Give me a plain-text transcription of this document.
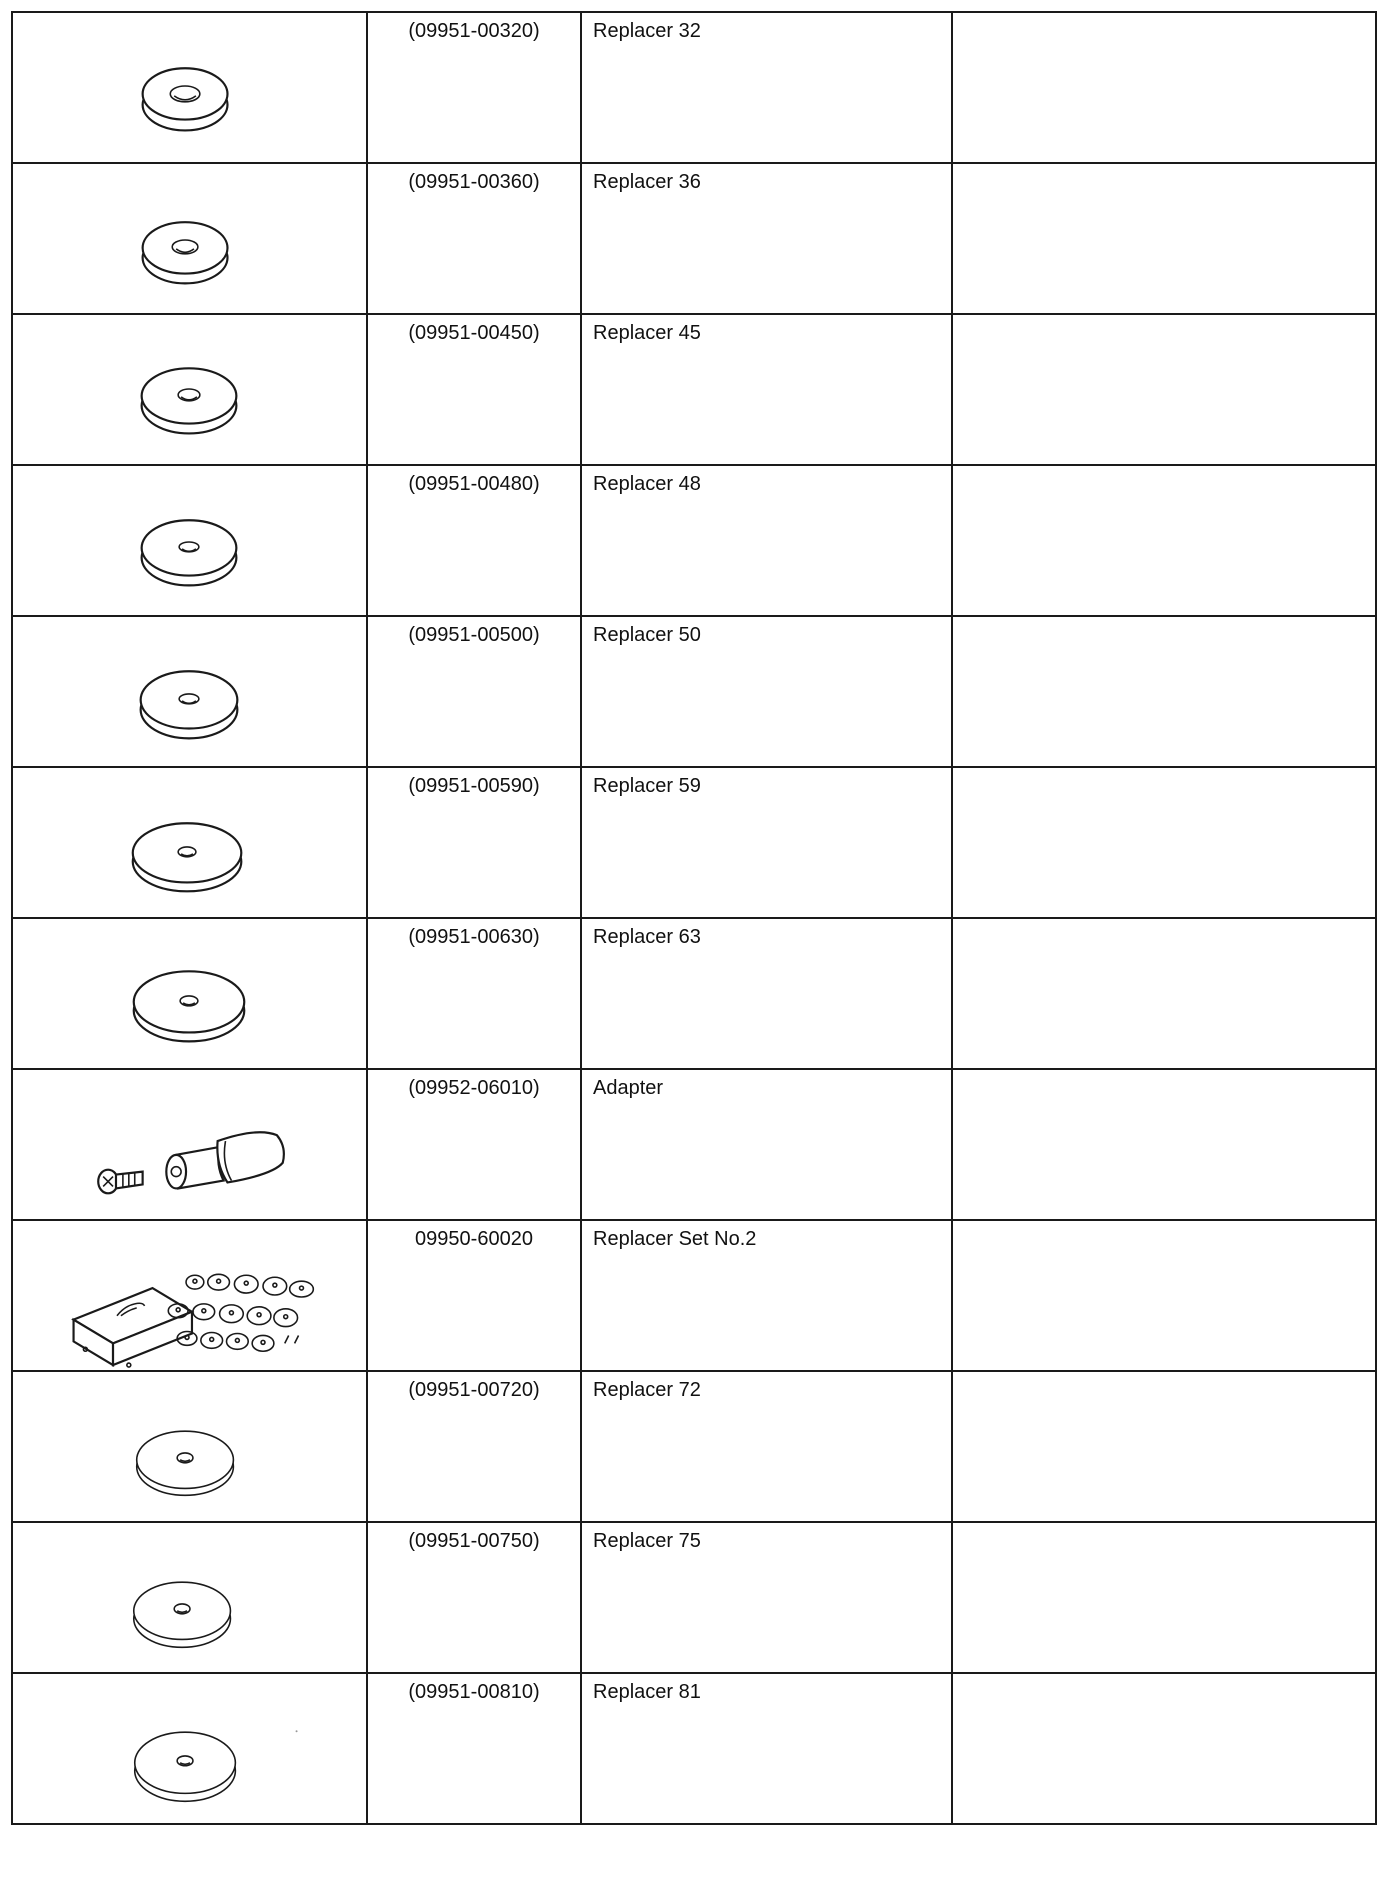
(09951-00320)	Replacer 32	

(09951-00360)	Replacer 36	

(09951-00450)	Replacer 45	

(09951-00480)	Replacer 48	

(09951-00500)	Replacer 50	

(09951-00590)	Replacer 59	

(09951-00630)	Replacer 63	

(09952-06010)	Adapter	

09950-60020	Replacer Set No.2	

(09951-00720)	Replacer 72	

(09951-00750)	Replacer 75	

(09951-00810)	Replacer 81	
